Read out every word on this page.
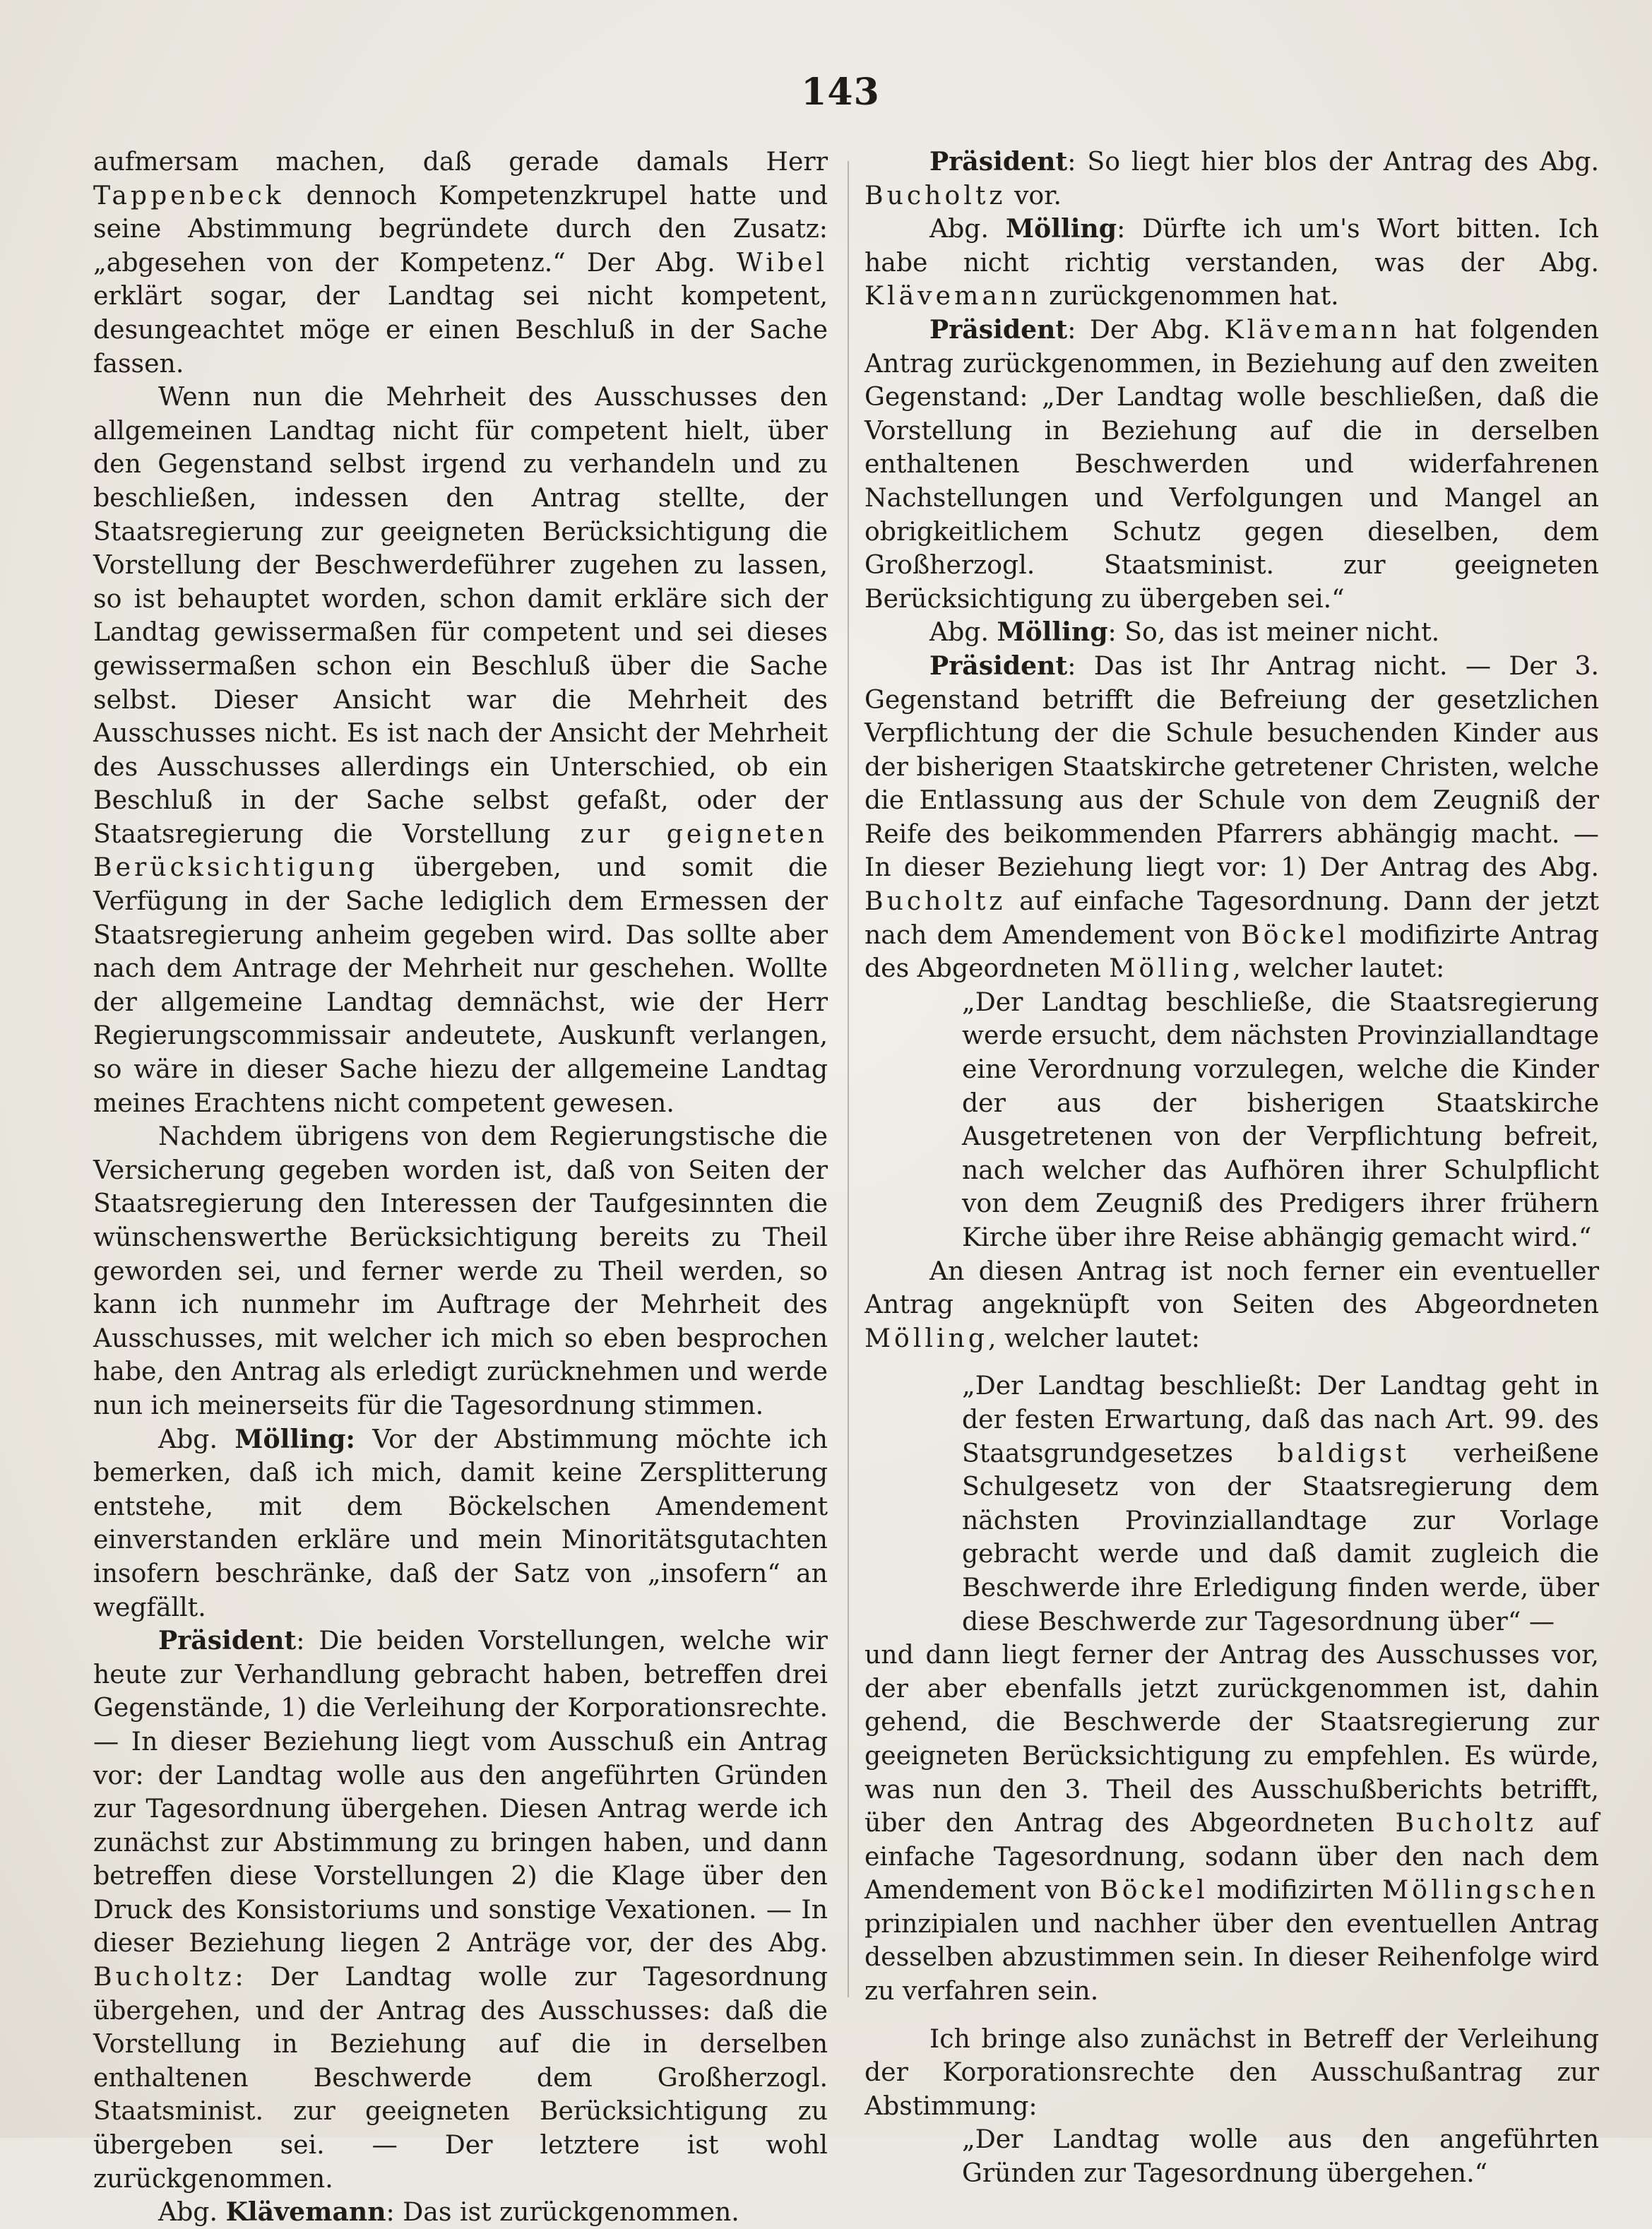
143

aufmersam machen, daß gerade damals Herr Tappenbeck dennoch Kompetenzkrupel hatte und seine Abstimmung begründete durch den Zusatz: „abgesehen von der Kompetenz.“ Der Abg. Wibel erklärt sogar, der Landtag sei nicht kompetent, desungeachtet möge er einen Beschluß in der Sache fassen.

Wenn nun die Mehrheit des Ausschusses den allgemeinen Landtag nicht für competent hielt, über den Gegenstand selbst irgend zu verhandeln und zu beschließen, indessen den Antrag stellte, der Staatsregierung zur geeigneten Berücksichtigung die Vorstellung der Beschwerdeführer zugehen zu lassen, so ist behauptet worden, schon damit erkläre sich der Landtag gewissermaßen für competent und sei dieses gewissermaßen schon ein Beschluß über die Sache selbst. Dieser Ansicht war die Mehrheit des Ausschusses nicht. Es ist nach der Ansicht der Mehrheit des Ausschusses allerdings ein Unterschied, ob ein Beschluß in der Sache selbst gefaßt, oder der Staatsregierung die Vorstellung zur geigneten Berücksichtigung übergeben, und somit die Verfügung in der Sache lediglich dem Ermessen der Staatsregierung anheim gegeben wird. Das sollte aber nach dem Antrage der Mehrheit nur geschehen. Wollte der allgemeine Landtag demnächst, wie der Herr Regierungscommissair andeutete, Auskunft verlangen, so wäre in dieser Sache hiezu der allgemeine Landtag meines Erachtens nicht competent gewesen.

Nachdem übrigens von dem Regierungstische die Versicherung gegeben worden ist, daß von Seiten der Staatsregierung den Interessen der Taufgesinnten die wünschenswerthe Berücksichtigung bereits zu Theil geworden sei, und ferner werde zu Theil werden, so kann ich nunmehr im Auftrage der Mehrheit des Ausschusses, mit welcher ich mich so eben besprochen habe, den Antrag als erledigt zurücknehmen und werde nun ich meinerseits für die Tagesordnung stimmen.

Abg. Mölling: Vor der Abstimmung möchte ich bemerken, daß ich mich, damit keine Zersplitterung entstehe, mit dem Böckelschen Amendement einverstanden erkläre und mein Minoritätsgutachten insofern beschränke, daß der Satz von „insofern“ an wegfällt.

Präsident: Die beiden Vorstellungen, welche wir heute zur Verhandlung gebracht haben, betreffen drei Gegenstände, 1) die Verleihung der Korporationsrechte. — In dieser Beziehung liegt vom Ausschuß ein Antrag vor: der Landtag wolle aus den angeführten Gründen zur Tagesordnung übergehen. Diesen Antrag werde ich zunächst zur Abstimmung zu bringen haben, und dann betreffen diese Vorstellungen 2) die Klage über den Druck des Konsistoriums und sonstige Vexationen. — In dieser Beziehung liegen 2 Anträge vor, der des Abg. Bucholtz: Der Landtag wolle zur Tagesordnung übergehen, und der Antrag des Ausschusses: daß die Vorstellung in Beziehung auf die in derselben enthaltenen Beschwerde dem Großherzogl. Staatsminist. zur geeigneten Berücksichtigung zu übergeben sei. — Der letztere ist wohl zurückgenommen.

Abg. Klävemann: Das ist zurückgenommen.

Präsident: So liegt hier blos der Antrag des Abg. Bucholtz vor.

Abg. Mölling: Dürfte ich um's Wort bitten. Ich habe nicht richtig verstanden, was der Abg. Klävemann zurückgenommen hat.

Präsident: Der Abg. Klävemann hat folgenden Antrag zurückgenommen, in Beziehung auf den zweiten Gegenstand: „Der Landtag wolle beschließen, daß die Vorstellung in Beziehung auf die in derselben enthaltenen Beschwerden und widerfahrenen Nachstellungen und Verfolgungen und Mangel an obrigkeitlichem Schutz gegen dieselben, dem Großherzogl. Staatsminist. zur geeigneten Berücksichtigung zu übergeben sei.“

Abg. Mölling: So, das ist meiner nicht.

Präsident: Das ist Ihr Antrag nicht. — Der 3. Gegenstand betrifft die Befreiung der gesetzlichen Verpflichtung der die Schule besuchenden Kinder aus der bisherigen Staatskirche getretener Christen, welche die Entlassung aus der Schule von dem Zeugniß der Reife des beikommenden Pfarrers abhängig macht. — In dieser Beziehung liegt vor: 1) Der Antrag des Abg. Bucholtz auf einfache Tagesordnung. Dann der jetzt nach dem Amendement von Böckel modifizirte Antrag des Abgeordneten Mölling, welcher lautet:

„Der Landtag beschließe, die Staatsregierung werde ersucht, dem nächsten Provinziallandtage eine Verordnung vorzulegen, welche die Kinder der aus der bisherigen Staatskirche Ausgetretenen von der Verpflichtung befreit, nach welcher das Aufhören ihrer Schulpflicht von dem Zeugniß des Predigers ihrer frühern Kirche über ihre Reise abhängig gemacht wird.“

An diesen Antrag ist noch ferner ein eventueller Antrag angeknüpft von Seiten des Abgeordneten Mölling, welcher lautet:

„Der Landtag beschließt: Der Landtag geht in der festen Erwartung, daß das nach Art. 99. des Staatsgrundgesetzes baldigst verheißene Schulgesetz von der Staatsregierung dem nächsten Provinziallandtage zur Vorlage gebracht werde und daß damit zugleich die Beschwerde ihre Erledigung finden werde, über diese Beschwerde zur Tagesordnung über“ —

und dann liegt ferner der Antrag des Ausschusses vor, der aber ebenfalls jetzt zurückgenommen ist, dahin gehend, die Beschwerde der Staatsregierung zur geeigneten Berücksichtigung zu empfehlen. Es würde, was nun den 3. Theil des Ausschußberichts betrifft, über den Antrag des Abgeordneten Bucholtz auf einfache Tagesordnung, sodann über den nach dem Amendement von Böckel modifizirten Möllingschen prinzipialen und nachher über den eventuellen Antrag desselben abzustimmen sein. In dieser Reihenfolge wird zu verfahren sein.

Ich bringe also zunächst in Betreff der Verleihung der Korporationsrechte den Ausschußantrag zur Abstimmung:

„Der Landtag wolle aus den angeführten Gründen zur Tagesordnung übergehen.“
